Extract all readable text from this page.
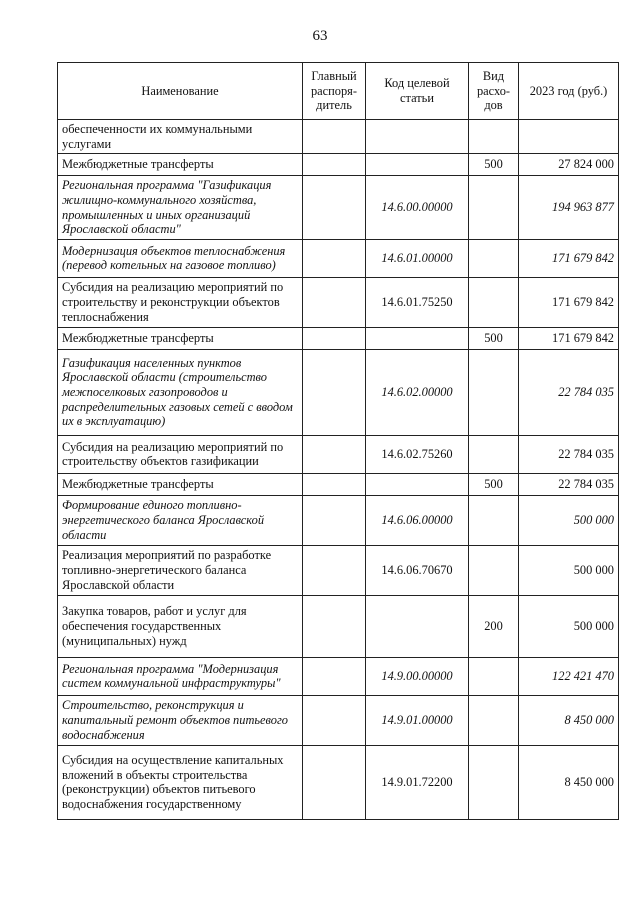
63
Наименование	Главный распоря-дитель	Код целевой статьи	Вид расхо-дов	2023 год (руб.)
обеспеченности их коммунальными услугами				
Межбюджетные трансферты			500	27 824 000
Региональная программа "Газификация жилищно-коммунального хозяйства, промышленных и иных организаций Ярославской области"		14.6.00.00000		194 963 877
Модернизация объектов теплоснабжения (перевод котельных на газовое топливо)		14.6.01.00000		171 679 842
Субсидия на реализацию мероприятий по строительству и реконструкции объектов теплоснабжения		14.6.01.75250		171 679 842
Межбюджетные трансферты			500	171 679 842
Газификация населенных пунктов Ярославской области (строительство межпоселковых газопроводов и распределительных газовых сетей с вводом их в эксплуатацию)		14.6.02.00000		22 784 035
Субсидия на реализацию мероприятий по строительству объектов газификации		14.6.02.75260		22 784 035
Межбюджетные трансферты			500	22 784 035
Формирование единого топливно-энергетического баланса Ярославской области		14.6.06.00000		500 000
Реализация мероприятий по разработке топливно-энергетического баланса Ярославской области		14.6.06.70670		500 000
Закупка товаров, работ и услуг для обеспечения государственных (муниципальных) нужд			200	500 000
Региональная программа "Модернизация систем коммунальной инфраструктуры"		14.9.00.00000		122 421 470
Строительство, реконструкция и капитальный ремонт объектов питьевого водоснабжения		14.9.01.00000		8 450 000
Субсидия на осуществление капитальных вложений в объекты строительства (реконструкции) объектов питьевого водоснабжения государственному		14.9.01.72200		8 450 000
